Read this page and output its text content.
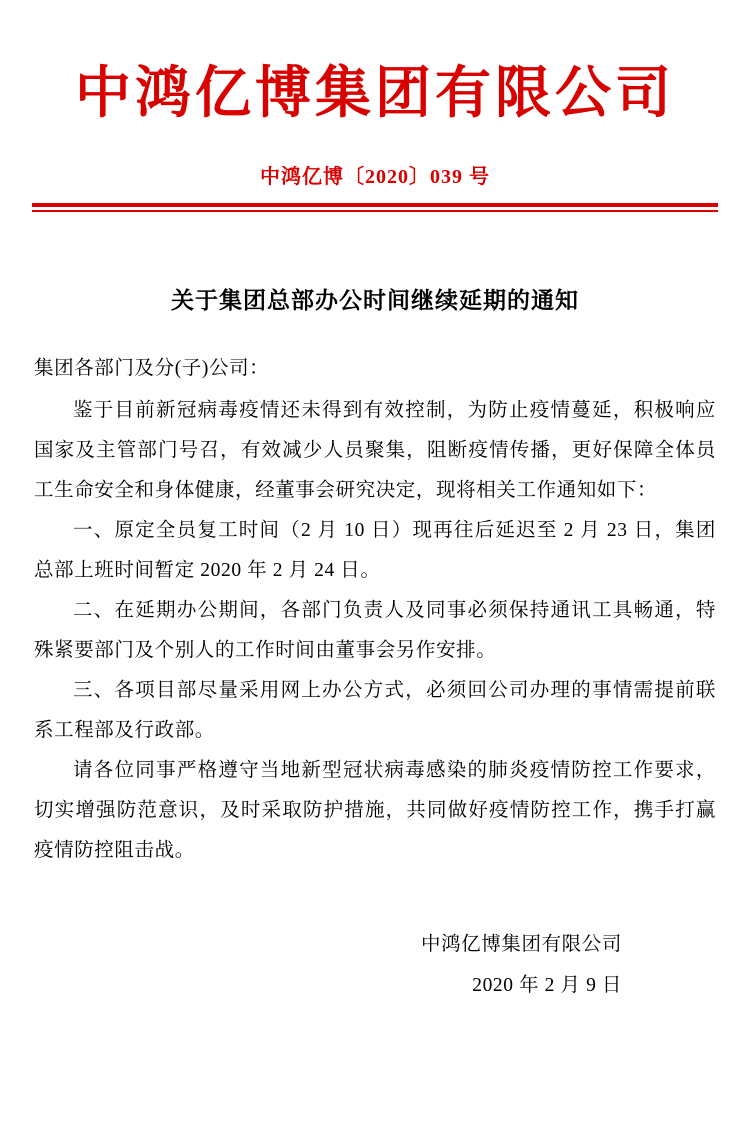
中鸿亿博集团有限公司
中鸿亿博〔2020〕039 号
关于集团总部办公时间继续延期的通知

集团各部门及分(子)公司：

鉴于目前新冠病毒疫情还未得到有效控制，为防止疫情蔓延，积极响应国家及主管部门号召，有效减少人员聚集，阻断疫情传播，更好保障全体员工生命安全和身体健康，经董事会研究决定，现将相关工作通知如下：

一、原定全员复工时间（2 月 10 日）现再往后延迟至 2 月 23 日，集团总部上班时间暂定 2020 年 2 月 24 日。

二、在延期办公期间，各部门负责人及同事必须保持通讯工具畅通，特殊紧要部门及个别人的工作时间由董事会另作安排。

三、各项目部尽量采用网上办公方式，必须回公司办理的事情需提前联系工程部及行政部。

请各位同事严格遵守当地新型冠状病毒感染的肺炎疫情防控工作要求，切实增强防范意识，及时采取防护措施，共同做好疫情防控工作，携手打赢疫情防控阻击战。

中鸿亿博集团有限公司
2020 年 2 月 9 日
